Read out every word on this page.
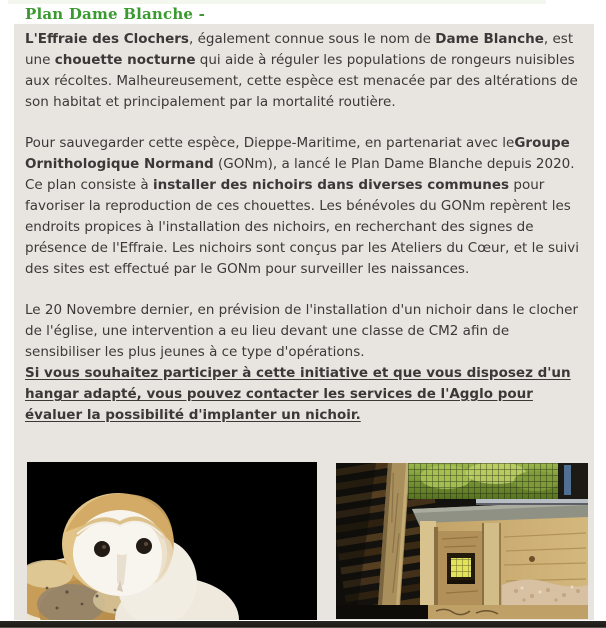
Plan Dame Blanche -

L'Effraie des Clochers, également connue sous le nom de Dame Blanche, est une chouette nocturne qui aide à réguler les populations de rongeurs nuisibles aux récoltes. Malheureusement, cette espèce est menacée par des altérations de son habitat et principalement par la mortalité routière.

Pour sauvegarder cette espèce, Dieppe-Maritime, en partenariat avec leGroupe Ornithologique Normand (GONm), a lancé le Plan Dame Blanche depuis 2020. Ce plan consiste à installer des nichoirs dans diverses communes pour favoriser la reproduction de ces chouettes. Les bénévoles du GONm repèrent les endroits propices à l'installation des nichoirs, en recherchant des signes de présence de l'Effraie. Les nichoirs sont conçus par les Ateliers du Cœur, et le suivi des sites est effectué par le GONm pour surveiller les naissances.

Le 20 Novembre dernier, en prévision de l'installation d'un nichoir dans le clocher de l'église, une intervention a eu lieu devant une classe de CM2 afin de sensibiliser les plus jeunes à ce type d'opérations.
Si vous souhaitez participer à cette initiative et que vous disposez d'un hangar adapté, vous pouvez contacter les services de l'Agglo pour évaluer la possibilité d'implanter un nichoir.
